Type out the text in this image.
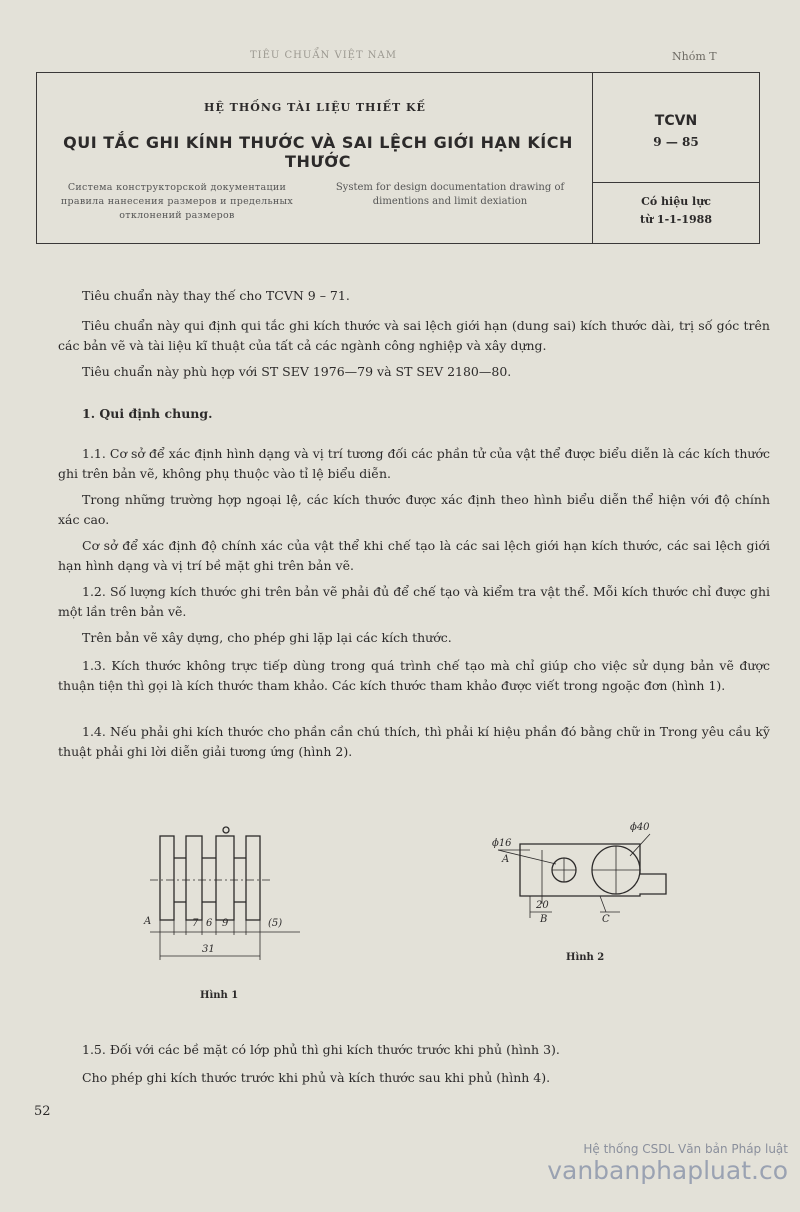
TIÊU CHUẨN VIỆT NAM	Nhóm T
HỆ THỐNG TÀI LIỆU THIẾT KẾ
QUI TẮC GHI KÍNH THƯỚC VÀ SAI LỆCH GIỚI HẠN KÍCH THƯỚC
Система конструкторской документации правила нанесения размеров и предельных отклонений размеров
System for design documentation drawing of dimentions and limit dexiation
TCVN
9 — 85
Có hiệu lực
từ 1-1-1988

Tiêu chuẩn này thay thế cho TCVN 9 – 71.

Tiêu chuẩn này qui định qui tắc ghi kích thước và sai lệch giới hạn (dung sai) kích thước dài, trị số góc trên các bản vẽ và tài liệu kĩ thuật của tất cả các ngành công nghiệp và xây dựng.

Tiêu chuẩn này phù hợp với ST SEV 1976—79 và ST SEV 2180—80.

1. Qui định chung.

1.1. Cơ sở để xác định hình dạng và vị trí tương đối các phần tử của vật thể được biểu diễn là các kích thước ghi trên bản vẽ, không phụ thuộc vào tỉ lệ biểu diễn.

Trong những trường hợp ngoại lệ, các kích thước được xác định theo hình biểu diễn thể hiện với độ chính xác cao.

Cơ sở để xác định độ chính xác của vật thể khi chế tạo là các sai lệch giới hạn kích thước, các sai lệch giới hạn hình dạng và vị trí bề mặt ghi trên bản vẽ.

1.2. Số lượng kích thước ghi trên bản vẽ phải đủ để chế tạo và kiểm tra vật thể. Mỗi kích thước chỉ được ghi một lần trên bản vẽ.

Trên bản vẽ xây dựng, cho phép ghi lặp lại các kích thước.

1.3. Kích thước không trực tiếp dùng trong quá trình chế tạo mà chỉ giúp cho việc sử dụng bản vẽ được thuận tiện thì gọi là kích thước tham khảo. Các kích thước tham khảo được viết trong ngoặc đơn (hình 1).

1.4. Nếu phải ghi kích thước cho phần cần chú thích, thì phải kí hiệu phần đó bằng chữ in Trong yêu cầu kỹ thuật phải ghi lời diễn giải tương ứng (hình 2).

A	7 6 9	(5)
31
Hình 1
ϕ16
ϕ40
A
20
B	C
Hình 2

1.5. Đối với các bề mặt có lớp phủ thì ghi kích thước trước khi phủ (hình 3).

Cho phép ghi kích thước trước khi phủ và kích thước sau khi phủ (hình 4).

52
Hệ thống CSDL Văn bản Pháp luật
vanbanphapluat.co
